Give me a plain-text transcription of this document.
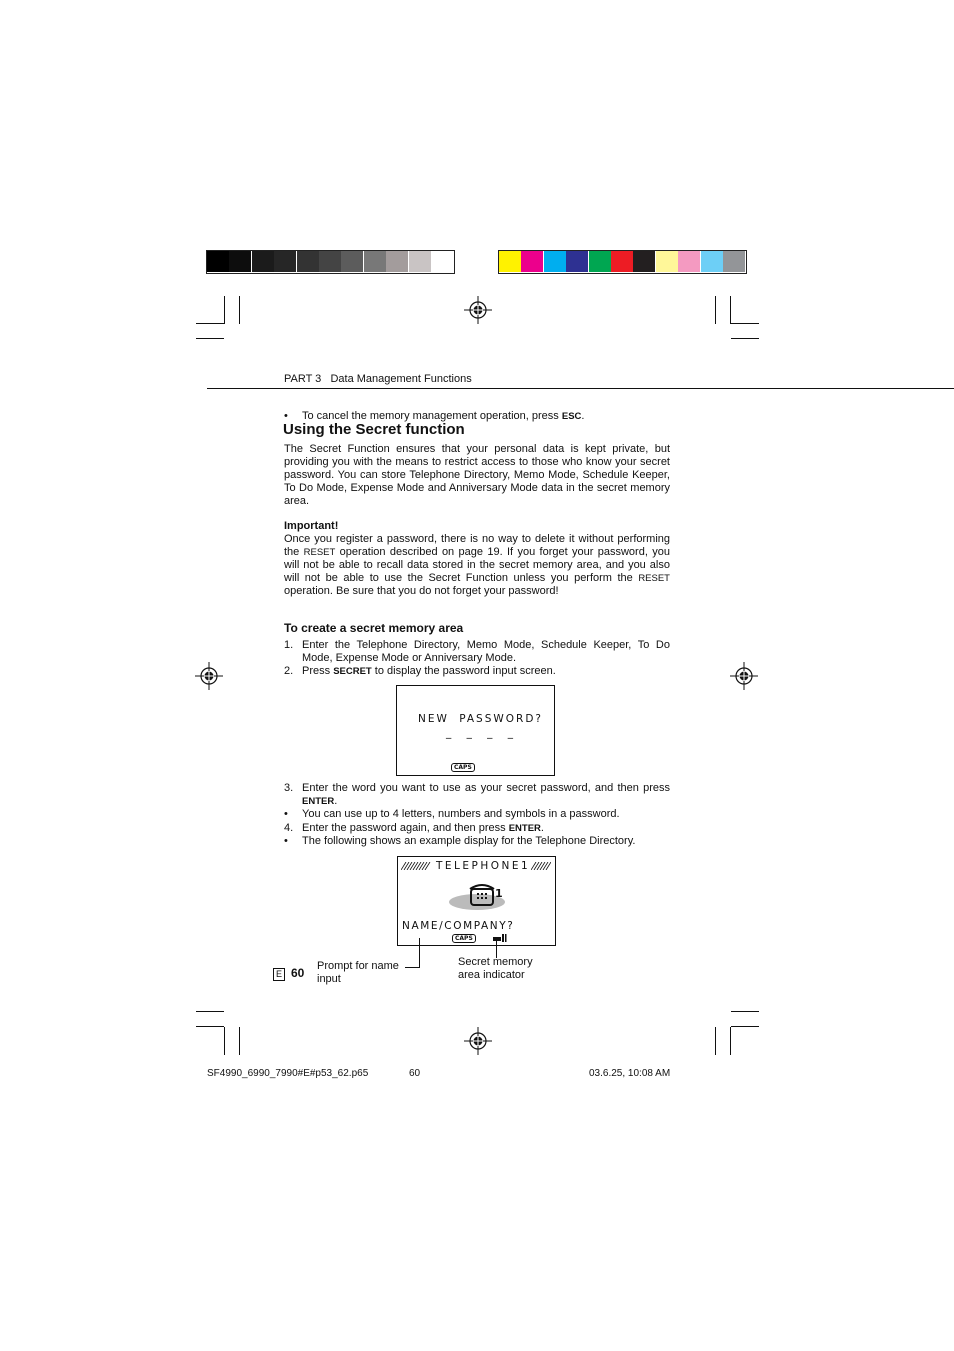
PART 3 Data Management Functions
• To cancel the memory management operation, press ESC.
Using the Secret function
The Secret Function ensures that your personal data is kept private, but providing you with the means to restrict access to those who know your secret password. You can store Telephone Directory, Memo Mode, Schedule Keeper, To Do Mode, Expense Mode and Anniversary Mode data in the secret memory area.
Important!
Once you register a password, there is no way to delete it without performing the RESET operation described on page 19. If you forget your password, you will not be able to recall data stored in the secret memory area, and you also will not be able to use the Secret Function unless you perform the RESET operation. Be sure that you do not forget your password!
To create a secret memory area
1. Enter the Telephone Directory, Memo Mode, Schedule Keeper, To Do Mode, Expense Mode or Anniversary Mode.
2. Press SECRET to display the password input screen.
NEW PASSWORD?
_ _ _ _
CAPS
3. Enter the word you want to use as your secret password, and then press ENTER.
• You can use up to 4 letters, numbers and symbols in a password.
4. Enter the password again, and then press ENTER.
• The following shows an example display for the Telephone Directory.
TELEPHONE1
1
NAME/COMPANY?
CAPS
Prompt for name input
Secret memory area indicator
E 60
SF4990_6990_7990#E#p53_62.p65	60	03.6.25, 10:08 AM
